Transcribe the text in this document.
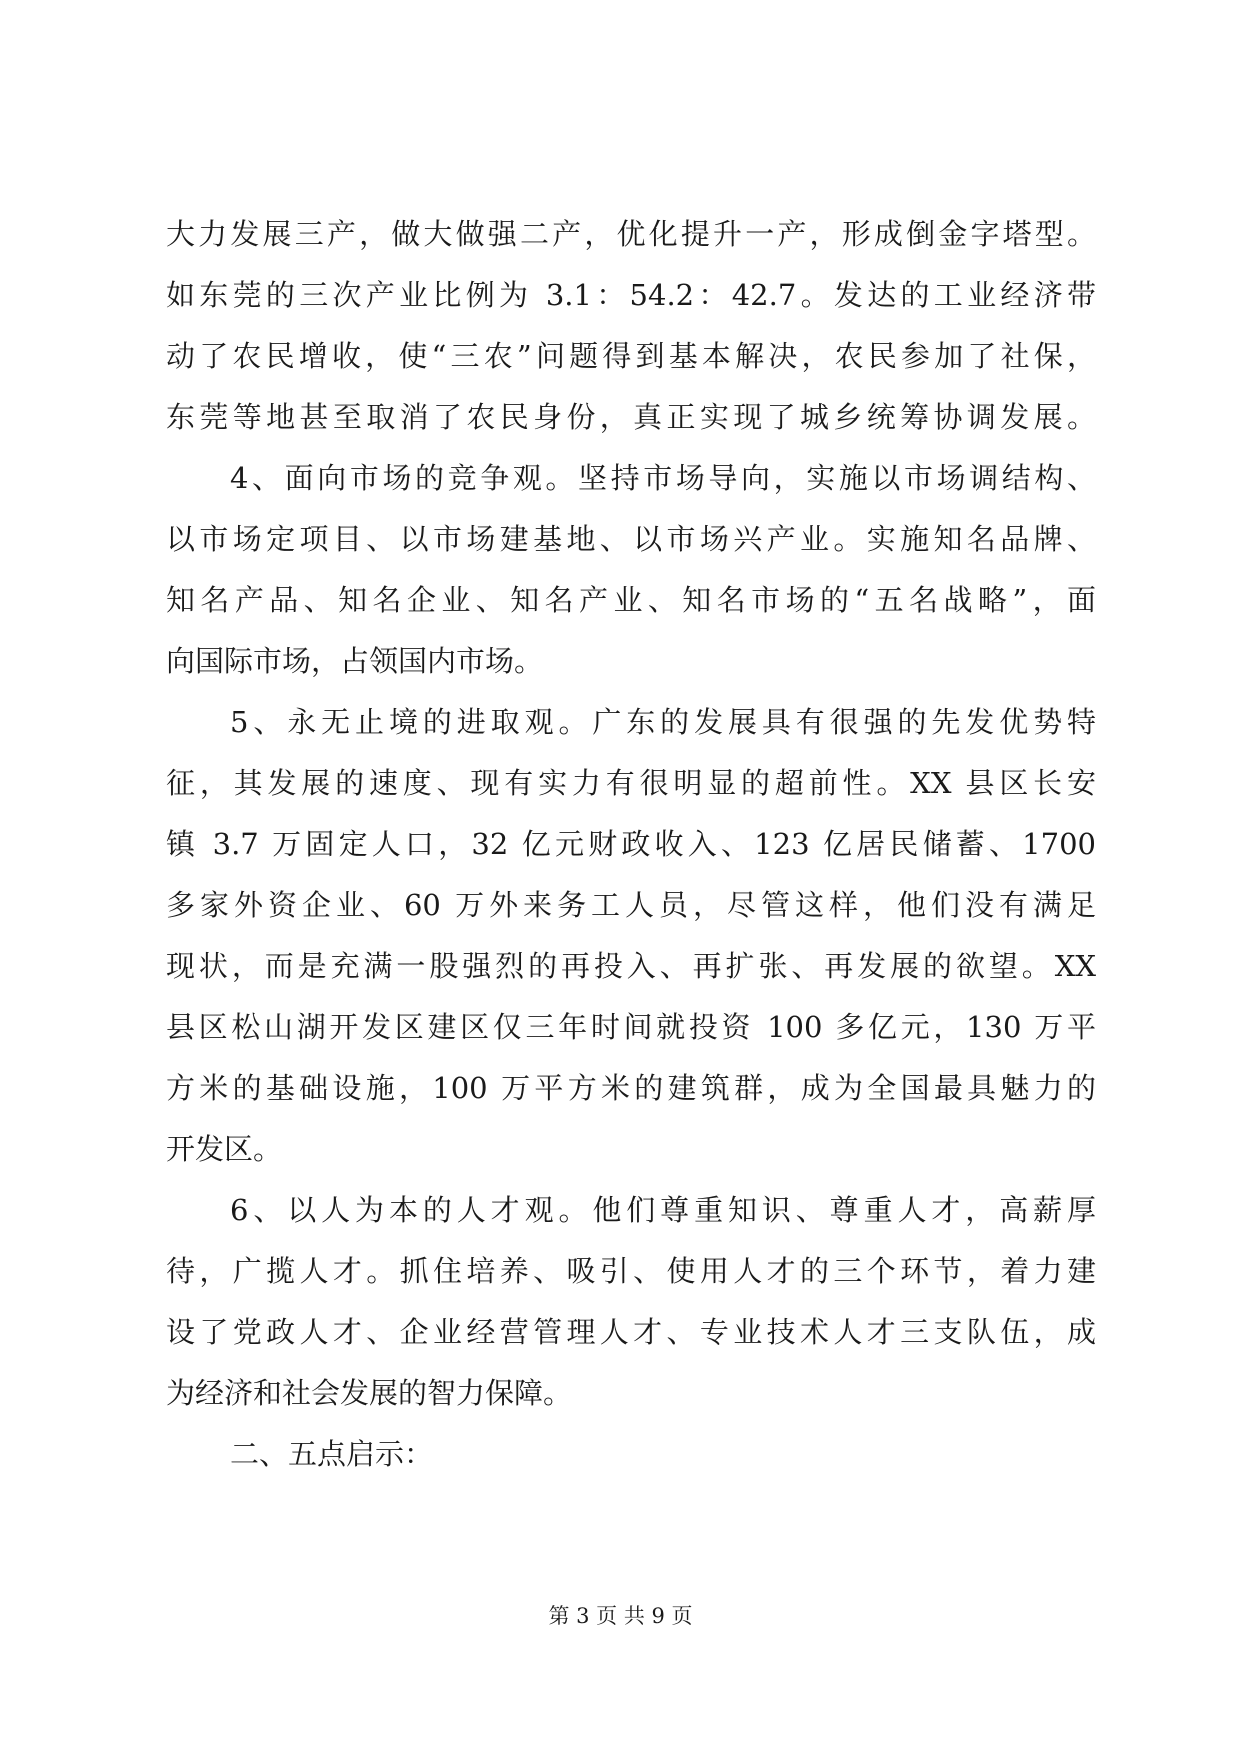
大力发展三产，做大做强二产，优化提升一产，形成倒金字塔型。
如东莞的三次产业比例为 3.1：54.2：42.7。发达的工业经济带
动了农民增收，使“三农”问题得到基本解决，农民参加了社保，
东莞等地甚至取消了农民身份，真正实现了城乡统筹协调发展。
4、面向市场的竞争观。坚持市场导向，实施以市场调结构、
以市场定项目、以市场建基地、以市场兴产业。实施知名品牌、
知名产品、知名企业、知名产业、知名市场的“五名战略”，面
向国际市场，占领国内市场。
5、永无止境的进取观。广东的发展具有很强的先发优势特
征，其发展的速度、现有实力有很明显的超前性。XX 县区长安
镇 3.7 万固定人口，32 亿元财政收入、123 亿居民储蓄、1700
多家外资企业、60 万外来务工人员，尽管这样，他们没有满足
现状，而是充满一股强烈的再投入、再扩张、再发展的欲望。XX
县区松山湖开发区建区仅三年时间就投资 100 多亿元，130 万平
方米的基础设施，100 万平方米的建筑群，成为全国最具魅力的
开发区。
6、以人为本的人才观。他们尊重知识、尊重人才，高薪厚
待，广揽人才。抓住培养、吸引、使用人才的三个环节，着力建
设了党政人才、企业经营管理人才、专业技术人才三支队伍，成
为经济和社会发展的智力保障。
二、五点启示：
第 3 页 共 9 页
